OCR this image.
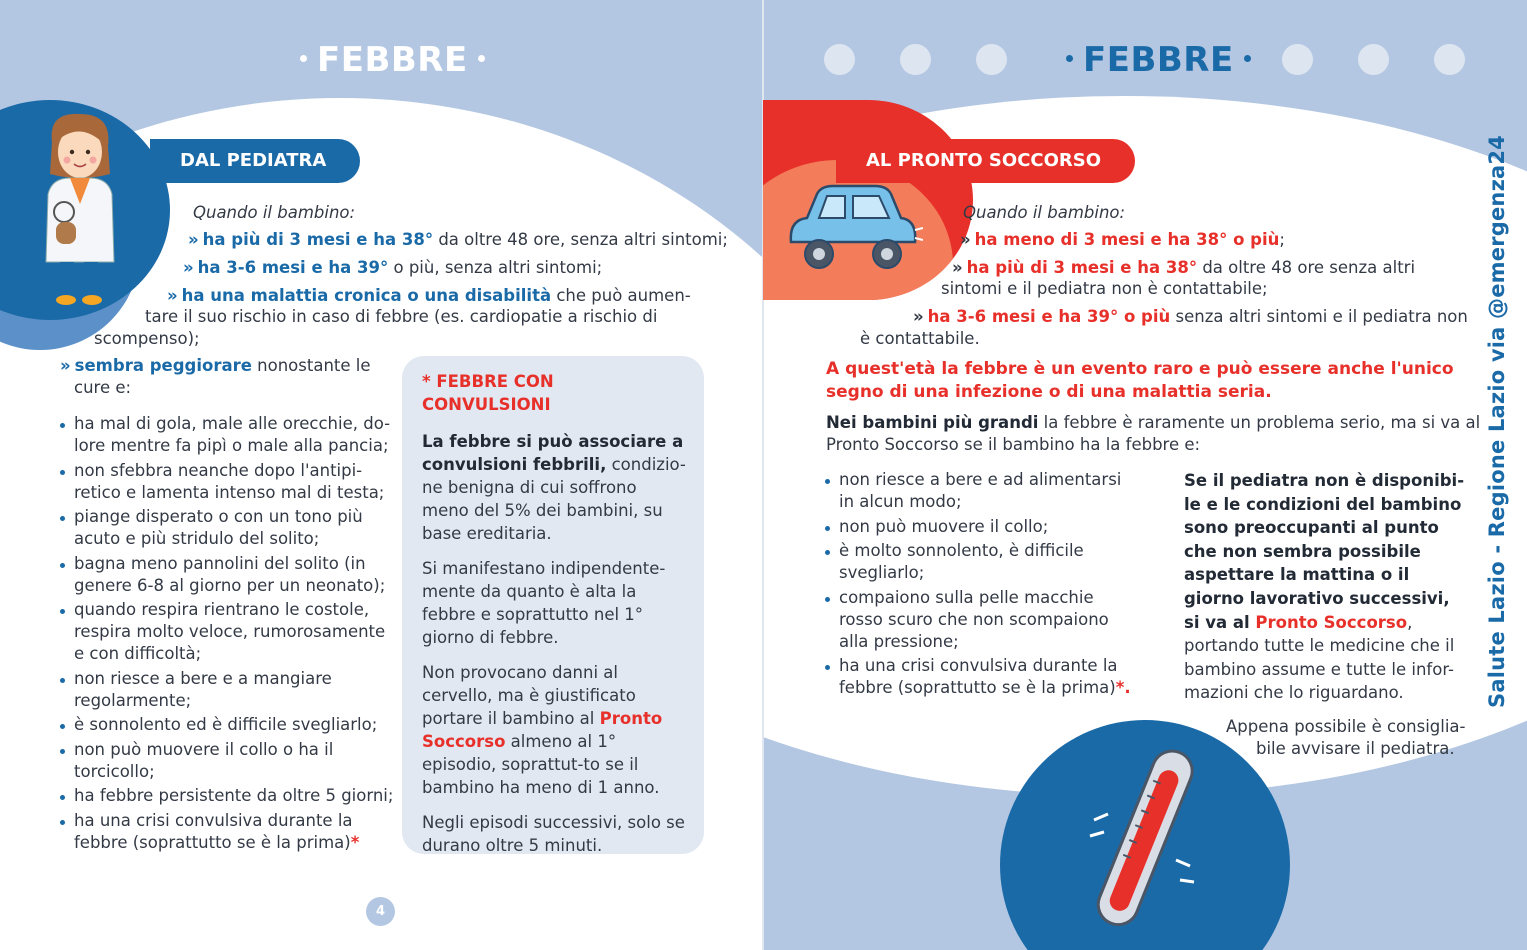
FEBBRE	FEBBRE
DAL PEDIATRA	AL PRONTO SOCCORSO
Quando il bambino:
» ha più di 3 mesi e ha 38° da oltre 48 ore, senza altri sintomi;
» ha 3-6 mesi e ha 39° o più, senza altri sintomi;
» ha una malattia cronica o una disabilità che può aumen-
tare il suo rischio in caso di febbre (es. cardiopatie a rischio di
scompenso);
» sembra peggiorare nonostante le
cure e:
ha mal di gola, male alle orecchie, do-
lore mentre fa pipì o male alla pancia;
non sfebbra neanche dopo l'antipi-
retico e lamenta intenso mal di testa;
piange disperato o con un tono più
acuto e più stridulo del solito;
bagna meno pannolini del solito (in
genere 6-8 al giorno per un neonato);
quando respira rientrano le costole,
respira molto veloce, rumorosamente
e con difficoltà;
non riesce a bere e a mangiare
regolarmente;
è sonnolento ed è difficile svegliarlo;
non può muovere il collo o ha il
torcicollo;
ha febbre persistente da oltre 5 giorni;
ha una crisi convulsiva durante la
febbre (soprattutto se è la prima)*

* FEBBRE CON
CONVULSIONI

La febbre si può associare a convulsioni febbrili, condizio-ne benigna di cui soffrono meno del 5% dei bambini, su base ereditaria.

Si manifestano indipendente-mente da quanto è alta la febbre e soprattutto nel 1° giorno di febbre.

Non provocano danni al cervello, ma è giustificato portare il bambino al Pronto Soccorso almeno al 1° episodio, soprattut-to se il bambino ha meno di 1 anno.

Negli episodi successivi, solo se durano oltre 5 minuti.

4
Quando il bambino:
» ha meno di 3 mesi e ha 38° o più;
» ha più di 3 mesi e ha 38° da oltre 48 ore senza altri
sintomi e il pediatra non è contattabile;
» ha 3-6 mesi e ha 39° o più senza altri sintomi e il pediatra non
è contattabile.
A quest'età la febbre è un evento raro e può essere anche l'unico
segno di una infezione o di una malattia seria.
Nei bambini più grandi la febbre è raramente un problema serio, ma si va al
Pronto Soccorso se il bambino ha la febbre e:
non riesce a bere e ad alimentarsi
in alcun modo;
non può muovere il collo;
è molto sonnolento, è difficile
svegliarlo;
compaiono sulla pelle macchie
rosso scuro che non scompaiono
alla pressione;
ha una crisi convulsiva durante la
febbre (soprattutto se è la prima)*.
Se il pediatra non è disponibi-
le e le condizioni del bambino
sono preoccupanti al punto
che non sembra possibile
aspettare la mattina o il
giorno lavorativo successivi,
si va al Pronto Soccorso,
portando tutte le medicine che il
bambino assume e tutte le infor-
mazioni che lo riguardano.
Appena possibile è consiglia-
bile avvisare il pediatra.
Salute Lazio - Regione Lazio via @emergenza24
